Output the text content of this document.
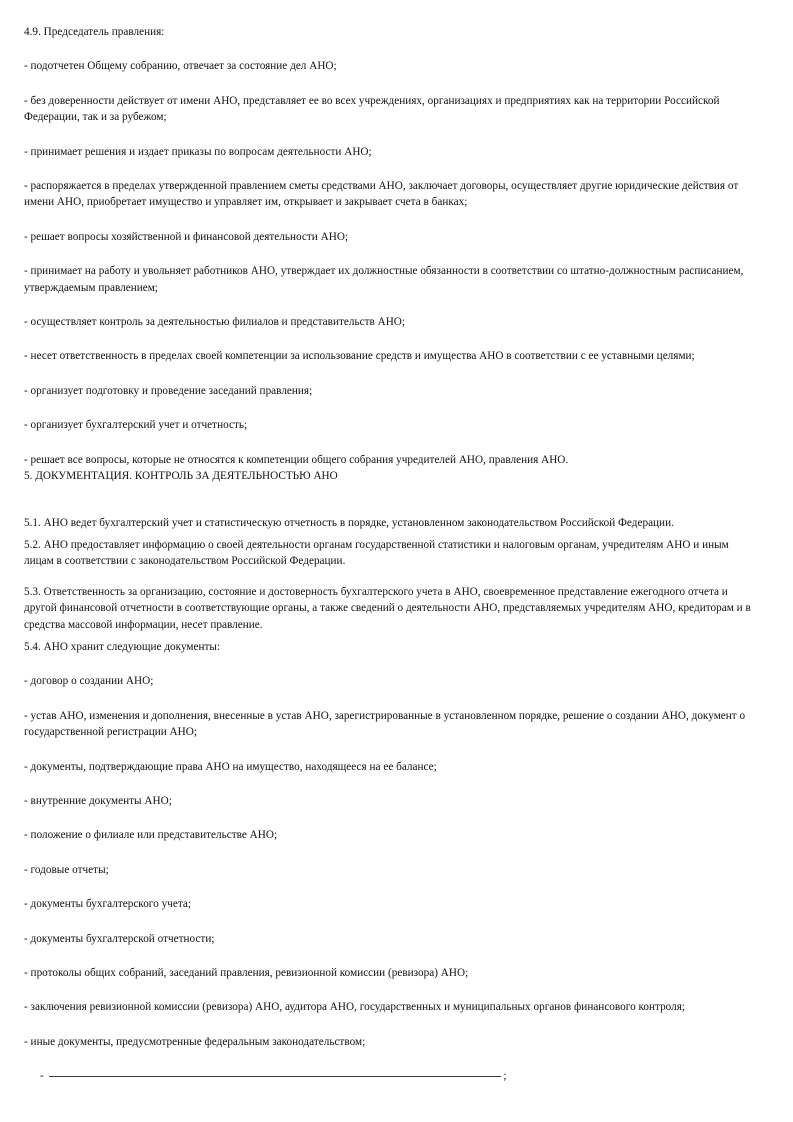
4.9. Председатель правления:

- подотчетен Общему собранию, отвечает за состояние дел АНО;

- без доверенности действует от имени АНО, представляет ее во всех учреждениях, организациях и предприятиях как на территории Российской Федерации, так и за рубежом;

- принимает решения и издает приказы по вопросам деятельности АНО;

- распоряжается в пределах утвержденной правлением сметы средствами АНО, заключает договоры, осуществляет другие юридические действия от имени АНО, приобретает имущество и управляет им, открывает и закрывает счета в банках;

- решает вопросы хозяйственной и финансовой деятельности АНО;

- принимает на работу и увольняет работников АНО, утверждает их должностные обязанности в соответствии со штатно-должностным расписанием, утверждаемым правлением;

- осуществляет контроль за деятельностью филиалов и представительств АНО;

- несет ответственность в пределах своей компетенции за использование средств и имущества АНО в соответствии с ее уставными целями;

- организует подготовку и проведение заседаний правления;

- организует бухгалтерский учет и отчетность;

- решает все вопросы, которые не относятся к компетенции общего собрания учредителей АНО, правления АНО.

5. ДОКУМЕНТАЦИЯ. КОНТРОЛЬ ЗА ДЕЯТЕЛЬНОСТЬЮ АНО

5.1. АНО ведет бухгалтерский учет и статистическую отчетность в порядке, установленном законодательством Российской Федерации.

5.2. АНО предоставляет информацию о своей деятельности органам государственной статистики и налоговым органам, учредителям АНО и иным лицам в соответствии с законодательством Российской Федерации.

5.3. Ответственность за организацию, состояние и достоверность бухгалтерского учета в АНО, своевременное представление ежегодного отчета и другой финансовой отчетности в соответствующие органы, а также сведений о деятельности АНО, представляемых учредителям АНО, кредиторам и в средства массовой информации, несет правление.

5.4. АНО хранит следующие документы:

- договор о создании АНО;

- устав АНО, изменения и дополнения, внесенные в устав АНО, зарегистрированные в установленном порядке, решение о создании АНО, документ о государственной регистрации АНО;

- документы, подтверждающие права АНО на имущество, находящееся на ее балансе;

- внутренние документы АНО;

- положение о филиале или представительстве АНО;

- годовые отчеты;

- документы бухгалтерского учета;

- документы бухгалтерской отчетности;

- протоколы общих собраний, заседаний правления, ревизионной комиссии (ревизора) АНО;

- заключения ревизионной комиссии (ревизора) АНО, аудитора АНО, государственных и муниципальных органов финансового контроля;

- иные документы, предусмотренные федеральным законодательством;

-	;
